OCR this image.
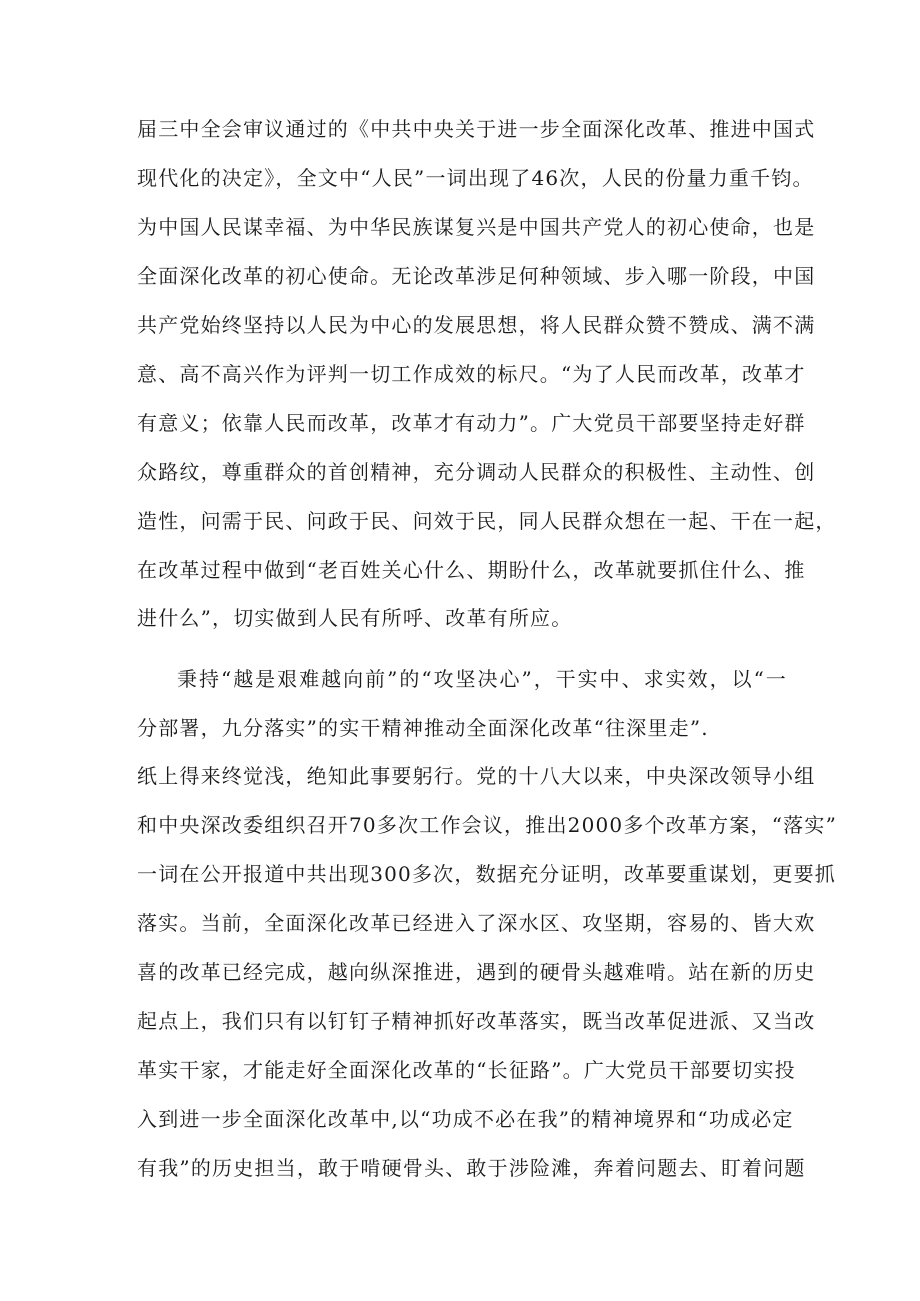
届三中全会审议通过的《中共中央关于进一步全面深化改革、推进中国式
现代化的决定》，全文中“人民”一词出现了46次，人民的份量力重千钧。
为中国人民谋幸福、为中华民族谋复兴是中国共产党人的初心使命，也是
全面深化改革的初心使命。无论改革涉足何种领域、步入哪一阶段，中国
共产党始终坚持以人民为中心的发展思想，将人民群众赞不赞成、满不满
意、高不高兴作为评判一切工作成效的标尺。“为了人民而改革，改革才
有意义；依靠人民而改革，改革才有动力”。广大党员干部要坚持走好群
众路纹，尊重群众的首创精神，充分调动人民群众的积极性、主动性、创
造性，问需于民、问政于民、问效于民，同人民群众想在一起、干在一起，
在改革过程中做到“老百姓关心什么、期盼什么，改革就要抓住什么、推
进什么”，切实做到人民有所呼、改革有所应。
秉持“越是艰难越向前”的“攻坚决心”，干实中、求实效，以“一
分部署，九分落实”的实干精神推动全面深化改革“往深里走”.
纸上得来终觉浅，绝知此事要躬行。党的十八大以来，中央深改领导小组
和中央深改委组织召开70多次工作会议，推出2000多个改革方案，“落实”
一词在公开报道中共出现300多次，数据充分证明，改革要重谋划，更要抓
落实。当前，全面深化改革已经进入了深水区、攻坚期，容易的、皆大欢
喜的改革已经完成，越向纵深推进，遇到的硬骨头越难啃。站在新的历史
起点上，我们只有以钉钉子精神抓好改革落实，既当改革促进派、又当改
革实干家，才能走好全面深化改革的“长征路”。广大党员干部要切实投
入到进一步全面深化改革中,以“功成不必在我”的精神境界和“功成必定
有我”的历史担当，敢于啃硬骨头、敢于涉险滩，奔着问题去、盯着问题
